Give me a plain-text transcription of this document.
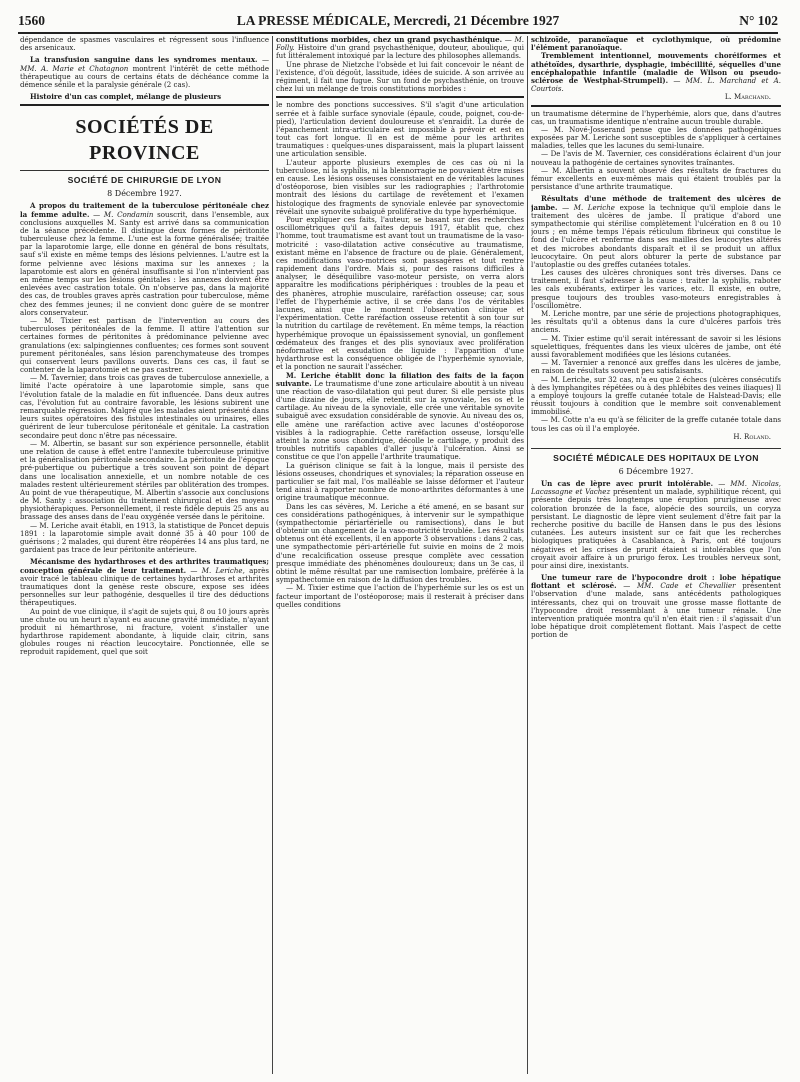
1560	LA PRESSE MÉDICALE, Mercredi, 21 Décembre 1927	N° 102

dépendance de spasmes vasculaires et régressent sous l'influence des arsenicaux.

La transfusion sanguine dans les syndromes mentaux. — MM. A. Marie et Chatagnon montrent l'intérêt de cette méthode thérapeutique au cours de certains états de déchéance comme la démence sénile et la paralysie générale (2 cas).

Histoire d'un cas complet, mélange de plusieurs

SOCIÉTÉS DE PROVINCE
SOCIÉTÉ DE CHIRURGIE DE LYON
8 Décembre 1927.

A propos du traitement de la tuberculose péritonéale chez la femme adulte. — M. Condamin souscrit, dans l'ensemble, aux conclusions auxquelles M. Santy est arrivé dans sa communication de la séance précédente. Il distingue deux formes de péritonite tuberculeuse chez la femme. L'une est la forme généralisée; traitée par la laparotomie large, elle donne en général de bons résultats, sauf s'il existe en même temps des lésions pelviennes. L'autre est la forme pelvienne avec lésions maxima sur les annexes ; la laparotomie est alors en général insuffisante si l'on n'intervient pas en même temps sur les lésions génitales : les annexes doivent être enlevées avec castration totale. On n'observe pas, dans la majorité des cas, de troubles graves après castration pour tuberculose, même chez des femmes jeunes; il ne convient donc guère de se montrer alors conservateur.

— M. Tixier est partisan de l'intervention au cours des tuberculoses péritonéales de la femme. Il attire l'attention sur certaines formes de péritonites à prédominance pelvienne avec granulations (ex: salpingiennes confluentes; ces formes sont souvent purement péritonéales, sans lésion parenchymateuse des trompes qui conservent leurs pavillons ouverts. Dans ces cas, il faut se contenter de la laparotomie et ne pas castrer.

— M. Tavernier, dans trois cas graves de tuberculose annexielle, a limité l'acte opératoire à une laparotomie simple, sans que l'évolution fatale de la maladie en fût influencée. Dans deux autres cas, l'évolution fut au contraire favorable, les lésions subirent une remarquable régression. Malgré que les malades aient présenté dans leurs suites opératoires des fistules intestinales ou urinaires, elles guérirent de leur tuberculose péritonéale et génitale. La castration secondaire peut donc n'être pas nécessaire.

— M. Albertin, se basant sur son expérience personnelle, établit une relation de cause à effet entre l'annexite tuberculeuse primitive et la généralisation péritonéale secondaire. La péritonite de l'époque pré-pubertique ou pubertique a très souvent son point de départ dans une localisation annexielle, et un nombre notable de ces malades restent ultérieurement stériles par oblitération des trompes. Au point de vue thérapeutique, M. Albertin s'associe aux conclusions de M. Santy : association du traitement chirurgical et des moyens physiothérapiques. Personnellement, il reste fidèle depuis 25 ans au brassage des anses dans de l'eau oxygénée versée dans le péritoine.

— M. Leriche avait établi, en 1913, la statistique de Poncet depuis 1891 : la laparotomie simple avait donné 35 à 40 pour 100 de guérisons ; 2 malades, qui durent être réopérées 14 ans plus tard, ne gardaient pas trace de leur péritonite antérieure.

Mécanisme des hydarthroses et des arthrites traumatiques; conception générale de leur traitement. — M. Leriche, après avoir tracé le tableau clinique de certaines hydarthroses et arthrites traumatiques dont la genèse reste obscure, expose ses idées personnelles sur leur pathogénie, desquelles il tire des déductions thérapeutiques.

Au point de vue clinique, il s'agit de sujets qui, 8 ou 10 jours après une chute ou un heurt n'ayant eu aucune gravité immédiate, n'ayant produit ni hémarthrose, ni fracture, voient s'installer une hydarthrose rapidement abondante, à liquide clair, citrin, sans globules rouges ni réaction leucocytaire. Ponctionnée, elle se reproduit rapidement, quel que soit

constitutions morbides, chez un grand psychasthénique. — M. Folly. Histoire d'un grand psychasthénique, douteur, aboulique, qui fut littéralement intoxiqué par la lecture des philosophes allemands.

Une phrase de Nietzche l'obsède et lui fait concevoir le néant de l'existence, d'où dégoût, lassitude, idées de suicide. A son arrivée au régiment, il fait une fugue. Sur un fond de psychasthénie, on trouve chez lui un mélange de trois constitutions morbides :

le nombre des ponctions successives. S'il s'agit d'une articulation serrée et à faible surface synoviale (épaule, coude, poignet, cou-de-pied), l'articulation devient douloureuse et s'enraidit. La durée de l'épanchement intra-articulaire est impossible à prévoir et est en tout cas fort longue. Il en est de même pour les arthrites traumatiques : quelques-unes disparaissent, mais la plupart laissent une articulation sensible.

L'auteur apporte plusieurs exemples de ces cas où ni la tuberculose, ni la syphilis, ni la blennorragie ne pouvaient être mises en cause. Les lésions osseuses consistaient en de véritables lacunes d'ostéoporose, bien visibles sur les radiographies ; l'arthrotomie montrait des lésions du cartilage de revêtement et l'examen histologique des fragments de synoviale enlevée par synovectomie révélait une synovite subaiguë proliférative du type hyperhémique.

Pour expliquer ces faits, l'auteur, se basant sur des recherches oscillométriques qu'il a faites depuis 1917, établit que, chez l'homme, tout traumatisme est avant tout un traumatisme de la vaso-motricité : vaso-dilatation active consécutive au traumatisme, existant même en l'absence de fracture ou de plaie. Généralement, ces modifications vaso-motrices sont passagères et tout rentre rapidement dans l'ordre. Mais si, pour des raisons difficiles à analyser, le déséquilibre vaso-moteur persiste, on verra alors apparaître les modifications périphériques : troubles de la peau et des phanères, atrophie musculaire, raréfaction osseuse; car, sous l'effet de l'hyperhémie active, il se crée dans l'os de véritables lacunes, ainsi que le montrent l'observation clinique et l'expérimentation. Cette raréfaction osseuse retentit à son tour sur la nutrition du cartilage de revêtement. En même temps, la réaction hyperhémique provoque un épaississement synovial, un gonflement œdémateux des franges et des plis synoviaux avec prolifération néoformative et exsudation de liquide : l'apparition d'une hydarthrose est la conséquence obligée de l'hyperhémie synoviale, et la ponction ne saurait l'assécher.

M. Leriche établit donc la filiation des faits de la façon suivante. Le traumatisme d'une zone articulaire aboutit à un niveau une réaction de vaso-dilatation qui peut durer. Si elle persiste plus d'une dizaine de jours, elle retentit sur la synoviale, les os et le cartilage. Au niveau de la synoviale, elle crée une véritable synovite subaiguë avec exsudation considérable de synovie. Au niveau des os, elle amène une raréfaction active avec lacunes d'ostéoporose visibles à la radiographie. Cette raréfaction osseuse, lorsqu'elle atteint la zone sous chondrique, décolle le cartilage, y produit des troubles nutritifs capables d'aller jusqu'à l'ulcération. Ainsi se constitue ce que l'on appelle l'arthrite traumatique.

La guérison clinique se fait à la longue, mais il persiste des lésions osseuses, chondriques et synoviales; la réparation osseuse en particulier se fait mal, l'os malléable se laisse déformer et l'auteur tend ainsi à rapporter nombre de mono-arthrites déformantes à une origine traumatique méconnue.

Dans les cas sévères, M. Leriche a été amené, en se basant sur ces considérations pathogéniques, à intervenir sur le sympathique (sympathectomie périartérielle ou ramisections), dans le but d'obtenir un changement de la vaso-motricité troublée. Les résultats obtenus ont été excellents, il en apporte 3 observations : dans 2 cas, une sympathectomie péri-artérielle fut suivie en moins de 2 mois d'une recalcification osseuse presque complète avec cessation presque immédiate des phénomènes douloureux; dans un 3e cas, il obtint le même résultat par une ramisection lombaire, préférée à la sympathectomie en raison de la diffusion des troubles.

— M. Tixier estime que l'action de l'hyperhémie sur les os est un facteur important de l'ostéoporose; mais il resterait à préciser dans quelles conditions

schizoïde, paranoïaque et cyclothymique, où prédomine l'élément paranoïaque.

Tremblement intentionnel, mouvements choréiformes et athétoïdes, dysarthrie, dysphagie, imbécillité, séquelles d'une encéphalopathie infantile (maladie de Wilson ou pseudo-sclérose de Westphal-Strumpell). — MM. L. Marchand et A. Courtois.

L. Marchand.

un traumatisme détermine de l'hyperhémie, alors que, dans d'autres cas, un traumatisme identique n'entraîne aucun trouble durable.

— M. Nové-Josserand pense que les données pathogéniques exposées par M. Leriche sont susceptibles de s'appliquer à certaines maladies, telles que les lacunes du semi-lunaire.

— De l'avis de M. Tavernier, ces considérations éclairent d'un jour nouveau la pathogénie de certaines synovites traînantes.

— M. Albertin a souvent observé des résultats de fractures du fémur excellents en eux-mêmes mais qui étaient troublés par la persistance d'une arthrite traumatique.

Résultats d'une méthode de traitement des ulcères de jambe. — M. Leriche expose la technique qu'il emploie dans le traitement des ulcères de jambe. Il pratique d'abord une sympathectomie qui stérilise complètement l'ulcération en 8 ou 10 jours ; en même temps l'épais réticulum fibrineux qui constitue le fond de l'ulcère et renferme dans ses mailles des leucocytes altérés et des microbes abondants disparaît et il se produit un afflux leucocytaire. On peut alors obturer la perte de substance par l'autoplastie ou des greffes cutanées totales.

Les causes des ulcères chroniques sont très diverses. Dans ce traitement, il faut s'adresser à la cause : traiter la syphilis, raboter les cals exubérants, extirper les varices, etc. Il existe, en outre, presque toujours des troubles vaso-moteurs enregistrables à l'oscillomètre.

M. Leriche montre, par une série de projections photographiques, les résultats qu'il a obtenus dans la cure d'ulcères parfois très anciens.

— M. Tixier estime qu'il serait intéressant de savoir si les lésions squelettiques, fréquentes dans les vieux ulcères de jambe, ont été aussi favorablement modifiées que les lésions cutanées.

— M. Tavernier a renoncé aux greffes dans les ulcères de jambe, en raison de résultats souvent peu satisfaisants.

— M. Leriche, sur 32 cas, n'a eu que 2 échecs (ulcères consécutifs à des lymphangites répétées ou à des phlébites des veines iliaques) Il a employé toujours la greffe cutanée totale de Halstead-Davis; elle réussit toujours à condition que le membre soit convenablement immobilisé.

— M. Cotte n'a eu qu'à se féliciter de la greffe cutanée totale dans tous les cas où il l'a employée.

H. Roland.

SOCIÉTÉ MÉDICALE DES HOPITAUX DE LYON
6 Décembre 1927.

Un cas de lèpre avec prurit intolérable. — MM. Nicolas, Lacassagne et Vachez présentent un malade, syphilitique récent, qui présente depuis très longtemps une éruption prurigineuse avec coloration bronzée de la face, alopécie des sourcils, un coryza persistant. Le diagnostic de lèpre vient seulement d'être fait par la recherche positive du bacille de Hansen dans le pus des lésions cutanées. Les auteurs insistent sur ce fait que les recherches biologiques pratiquées à Casablanca, à Paris, ont été toujours négatives et les crises de prurit étaient si intolérables que l'on croyait avoir affaire à un prurigo ferox. Les troubles nerveux sont, pour ainsi dire, inexistants.

Une tumeur rare de l'hypocondre droit : lobe hépatique flottant et sclérosé. — MM. Cade et Chevallier présentent l'observation d'une malade, sans antécédents pathologiques intéressants, chez qui on trouvait une grosse masse flottante de l'hypocondre droit ressemblant à une tumeur rénale. Une intervention pratiquée montra qu'il n'en était rien : il s'agissait d'un lobe hépatique droit complètement flottant. Mais l'aspect de cette portion de
